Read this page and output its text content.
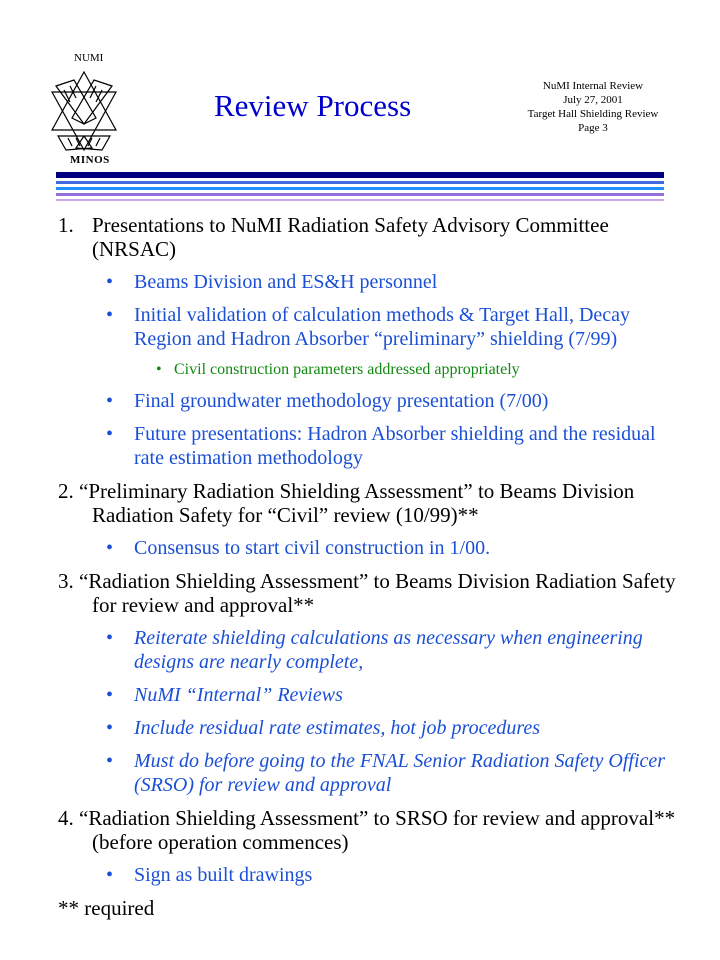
NUMI
MINOS
Review Process
NuMI Internal Review
July 27, 2001
Target Hall Shielding Review
Page 3
1. Presentations to NuMI Radiation Safety Advisory Committee (NRSAC)
• Beams Division and ES&H personnel
• Initial validation of calculation methods & Target Hall, Decay Region and Hadron Absorber “preliminary” shielding (7/99)
• Civil construction parameters addressed appropriately
• Final groundwater methodology presentation (7/00)
• Future presentations: Hadron Absorber shielding and the residual rate estimation methodology
2. “Preliminary Radiation Shielding Assessment” to Beams Division Radiation Safety for “Civil” review (10/99)**
• Consensus to start civil construction in 1/00.
3. “Radiation Shielding Assessment” to Beams Division Radiation Safety for review and approval**
• Reiterate shielding calculations as necessary when engineering designs are nearly complete,
• NuMI “Internal” Reviews
• Include residual rate estimates, hot job procedures
• Must do before going to the FNAL Senior Radiation Safety Officer (SRSO) for review and approval
4. “Radiation Shielding Assessment” to SRSO for review and approval** (before operation commences)
• Sign as built drawings
** required
